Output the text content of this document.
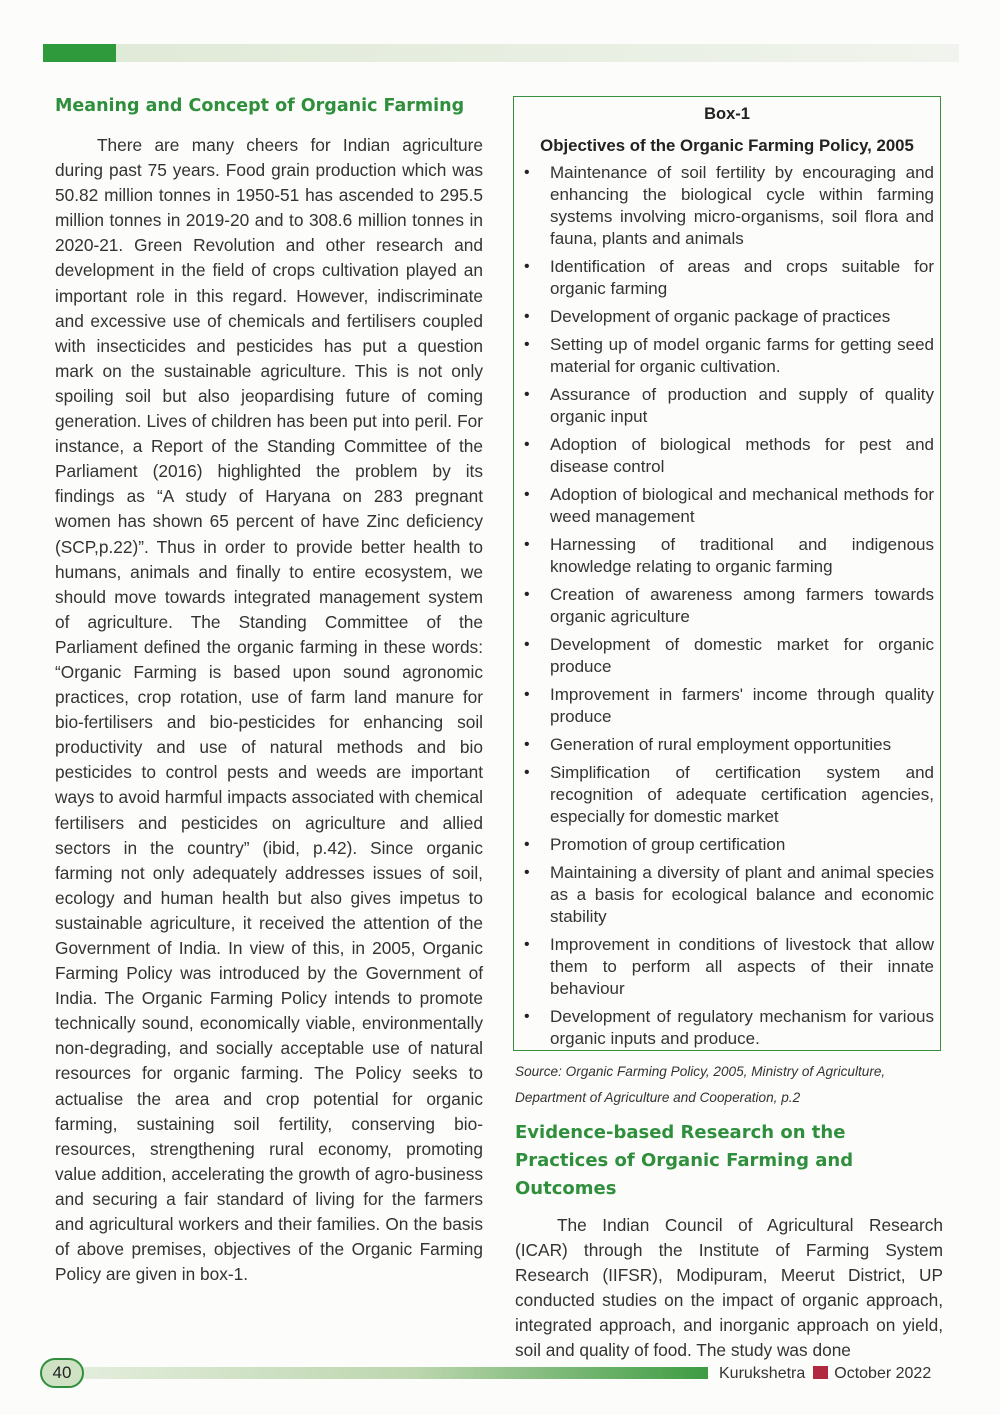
Meaning and Concept of Organic Farming

There are many cheers for Indian agriculture during past 75 years. Food grain production which was 50.82 million tonnes in 1950-51 has ascended to 295.5 million tonnes in 2019-20 and to 308.6 million tonnes in 2020-21. Green Revolution and other research and development in the field of crops cultivation played an important role in this regard. However, indiscriminate and excessive use of chemicals and fertilisers coupled with insecticides and pesticides has put a question mark on the sustainable agriculture. This is not only spoiling soil but also jeopardising future of coming generation. Lives of children has been put into peril. For instance, a Report of the Standing Committee of the Parliament (2016) highlighted the problem by its findings as “A study of Haryana on 283 pregnant women has shown 65 percent of have Zinc deficiency (SCP,p.22)”. Thus in order to provide better health to humans, animals and finally to entire ecosystem, we should move towards integrated management system of agriculture. The Standing Committee of the Parliament defined the organic farming in these words: “Organic Farming is based upon sound agronomic practices, crop rotation, use of farm land manure for bio-fertilisers and bio-pesticides for enhancing soil productivity and use of natural methods and bio pesticides to control pests and weeds are important ways to avoid harmful impacts associated with chemical fertilisers and pesticides on agriculture and allied sectors in the country” (ibid, p.42). Since organic farming not only adequately addresses issues of soil, ecology and human health but also gives impetus to sustainable agriculture, it received the attention of the Government of India. In view of this, in 2005, Organic Farming Policy was introduced by the Government of India. The Organic Farming Policy intends to promote technically sound, economically viable, environmentally non-degrading, and socially acceptable use of natural resources for organic farming. The Policy seeks to actualise the area and crop potential for organic farming, sustaining soil fertility, conserving bio-resources, strengthening rural economy, promoting value addition, accelerating the growth of agro-business and securing a fair standard of living for the farmers and agricultural workers and their families. On the basis of above premises, objectives of the Organic Farming Policy are given in box-1.

Box-1
Objectives of the Organic Farming Policy, 2005
• Maintenance of soil fertility by encouraging and enhancing the biological cycle within farming systems involving micro-organisms, soil flora and fauna, plants and animals
• Identification of areas and crops suitable for organic farming
• Development of organic package of practices
• Setting up of model organic farms for getting seed material for organic cultivation.
• Assurance of production and supply of quality organic input
• Adoption of biological methods for pest and disease control
• Adoption of biological and mechanical methods for weed management
• Harnessing of traditional and indigenous knowledge relating to organic farming
• Creation of awareness among farmers towards organic agriculture
• Development of domestic market for organic produce
• Improvement in farmers' income through quality produce
• Generation of rural employment opportunities
• Simplification of certification system and recognition of adequate certification agencies, especially for domestic market
• Promotion of group certification
• Maintaining a diversity of plant and animal species as a basis for ecological balance and economic stability
• Improvement in conditions of livestock that allow them to perform all aspects of their innate behaviour
• Development of regulatory mechanism for various organic inputs and produce.
Source: Organic Farming Policy, 2005, Ministry of Agriculture, Department of Agriculture and Cooperation, p.2
Evidence-based Research on the Practices of Organic Farming and Outcomes

The Indian Council of Agricultural Research (ICAR) through the Institute of Farming System Research (IIFSR), Modipuram, Meerut District, UP conducted studies on the impact of organic approach, integrated approach, and inorganic approach on yield, soil and quality of food. The study was done

40	Kurukshetra October 2022
